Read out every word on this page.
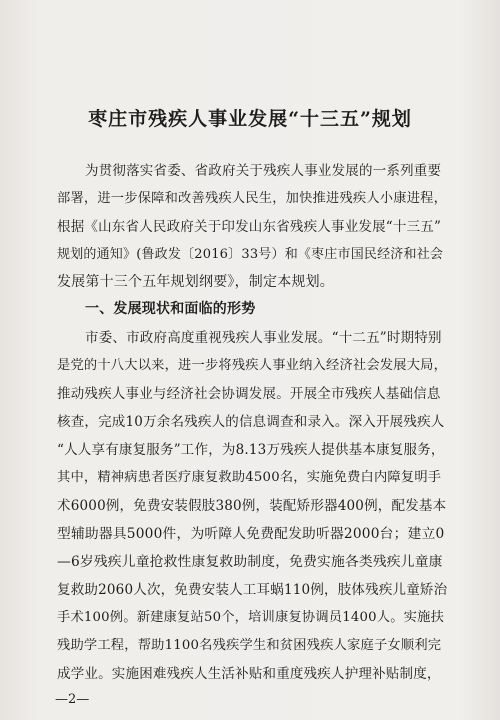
枣庄市残疾人事业发展“十三五”规划
为贯彻落实省委、省政府关于残疾人事业发展的一系列重要
部署，进一步保障和改善残疾人民生，加快推进残疾人小康进程，
根据《山东省人民政府关于印发山东省残疾人事业发展“十三五”
规划的通知》(鲁政发〔2016〕33号）和《枣庄市国民经济和社会
发展第十三个五年规划纲要》，制定本规划。
一、发展现状和面临的形势
市委、市政府高度重视残疾人事业发展。“十二五”时期特别
是党的十八大以来，进一步将残疾人事业纳入经济社会发展大局，
推动残疾人事业与经济社会协调发展。开展全市残疾人基础信息
核查，完成10万余名残疾人的信息调查和录入。深入开展残疾人
“人人享有康复服务”工作，为8.13万残疾人提供基本康复服务，
其中，精神病患者医疗康复救助4500名，实施免费白内障复明手
术6000例，免费安装假肢380例，装配矫形器400例，配发基本
型辅助器具5000件，为听障人免费配发助听器2000台；建立0
—6岁残疾儿童抢救性康复救助制度，免费实施各类残疾儿童康
复救助2060人次，免费安装人工耳蜗110例，肢体残疾儿童矫治
手术100例。新建康复站50个，培训康复协调员1400人。实施扶
残助学工程，帮助1100名残疾学生和贫困残疾人家庭子女顺利完
成学业。实施困难残疾人生活补贴和重度残疾人护理补贴制度，
—2—
